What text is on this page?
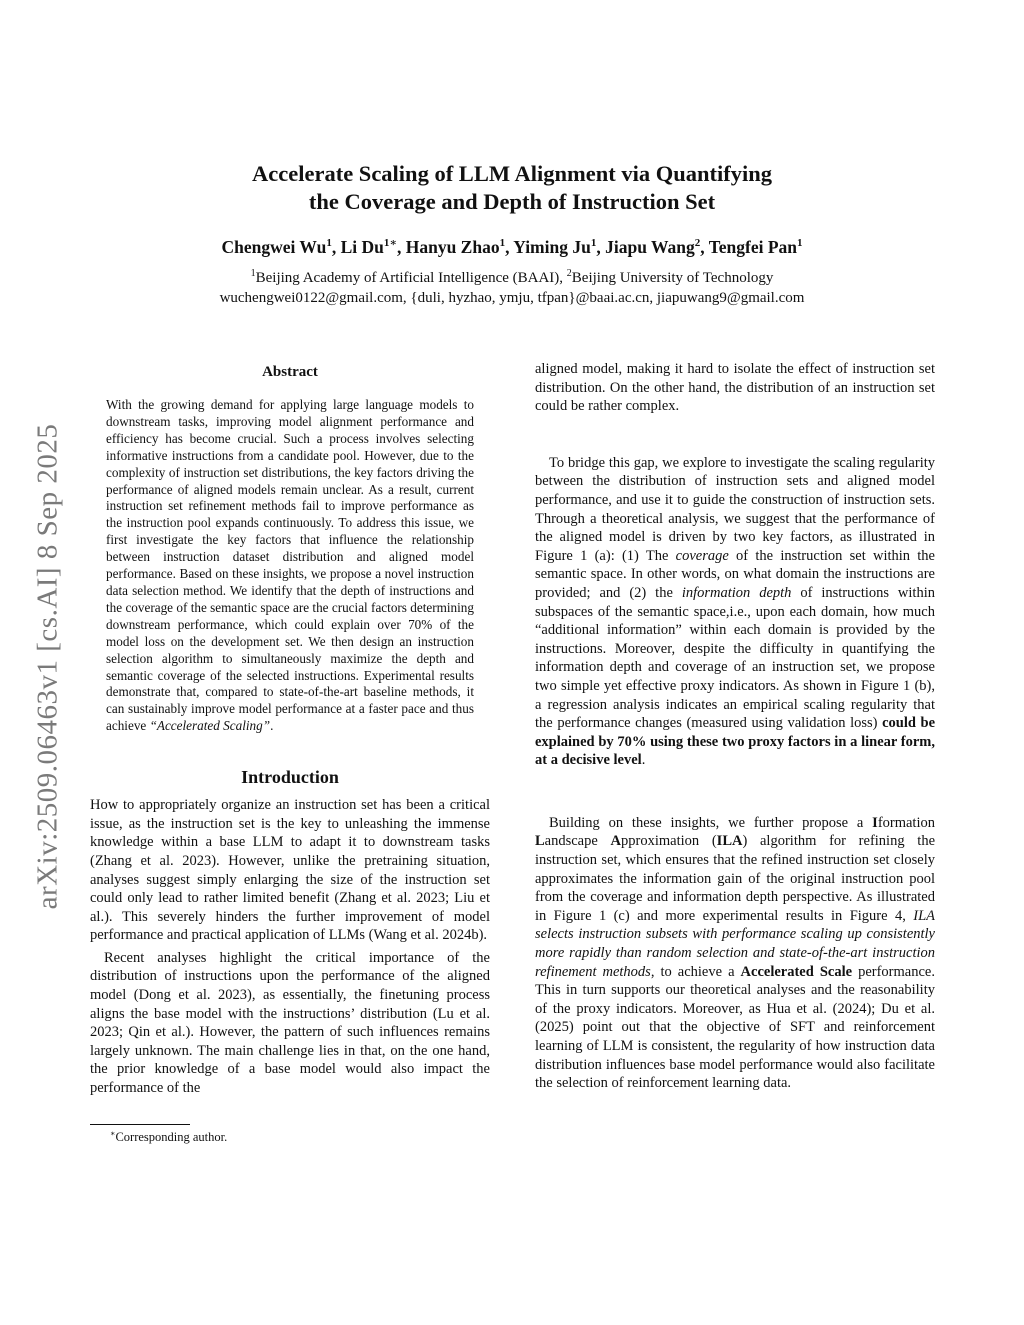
arXiv:2509.06463v1 [cs.AI] 8 Sep 2025
Accelerate Scaling of LLM Alignment via Quantifying
the Coverage and Depth of Instruction Set

Chengwei Wu$^1$, Li $Du^{1∗}$, Hanyu Zhao$^1$, Yiming Ju$^1$, Jiapu Wang$^2$, Tengfei Pan$^1$

$^1$Beijing Academy of Artificial Intelligence (BAAI), $^2$Beijing University of Technology
wuchengwei0122@gmail.com, {duli, hyzhao, ymju, tfpan}@baai.ac.cn, jiapuwang9@gmail.com
Abstract

With the growing demand for applying large language models to downstream tasks, improving model alignment performance and efficiency has become crucial. Such a process involves selecting informative instructions from a candidate pool. However, due to the complexity of instruction set distributions, the key factors driving the performance of aligned models remain unclear. As a result, current instruction set refinement methods fail to improve performance as the instruction pool expands continuously. To address this issue, we first investigate the key factors that influence the relationship between instruction dataset distribution and aligned model performance. Based on these insights, we propose a novel instruction data selection method. We identify that the depth of instructions and the coverage of the semantic space are the crucial factors determining downstream performance, which could explain over 70% of the model loss on the development set. We then design an instruction selection algorithm to simultaneously maximize the depth and semantic coverage of the selected instructions. Experimental results demonstrate that, compared to state-of-the-art baseline methods, it can sustainably improve model performance at a faster pace and thus achieve “Accelerated Scaling”.

Introduction

How to appropriately organize an instruction set has been a critical issue, as the instruction set is the key to unleashing the immense knowledge within a base LLM to adapt it to downstream tasks (Zhang et al. 2023). However, unlike the pretraining situation, analyses suggest simply enlarging the size of the instruction set could only lead to rather limited benefit (Zhang et al. 2023; Liu et al.). This severely hinders the further improvement of model performance and practical application of LLMs (Wang et al. 2024b).

Recent analyses highlight the critical importance of the distribution of instructions upon the performance of the aligned model (Dong et al. 2023), as essentially, the finetuning process aligns the base model with the instructions’ distribution (Lu et al. 2023; Qin et al.). However, the pattern of such influences remains largely unknown. The main challenge lies in that, on the one hand, the prior knowledge of a base model would also impact the performance of the

∗Corresponding author.

aligned model, making it hard to isolate the effect of instruction set distribution. On the other hand, the distribution of an instruction set could be rather complex.

To bridge this gap, we explore to investigate the scaling regularity between the distribution of instruction sets and aligned model performance, and use it to guide the construction of instruction sets. Through a theoretical analysis, we suggest that the performance of the aligned model is driven by two key factors, as illustrated in Figure 1 (a): (1) The coverage of the instruction set within the semantic space. In other words, on what domain the instructions are provided; and (2) the information depth of instructions within subspaces of the semantic space,i.e., upon each domain, how much “additional information” within each domain is provided by the instructions. Moreover, despite the difficulty in quantifying the information depth and coverage of an instruction set, we propose two simple yet effective proxy indicators. As shown in Figure 1 (b), a regression analysis indicates an empirical scaling regularity that the performance changes (measured using validation loss) could be explained by 70% using these two proxy factors in a linear form, at a decisive level.

Building on these insights, we further propose a Iformation Landscape Approximation (ILA) algorithm for refining the instruction set, which ensures that the refined instruction set closely approximates the information gain of the original instruction pool from the coverage and information depth perspective. As illustrated in Figure 1 (c) and more experimental results in Figure 4, ILA selects instruction subsets with performance scaling up consistently more rapidly than random selection and state-of-the-art instruction refinement methods, to achieve a Accelerated Scale performance. This in turn supports our theoretical analyses and the reasonability of the proxy indicators. Moreover, as Hua et al. (2024); Du et al. (2025) point out that the objective of SFT and reinforcement learning of LLM is consistent, the regularity of how instruction data distribution influences base model performance would also facilitate the selection of reinforcement learning data.
